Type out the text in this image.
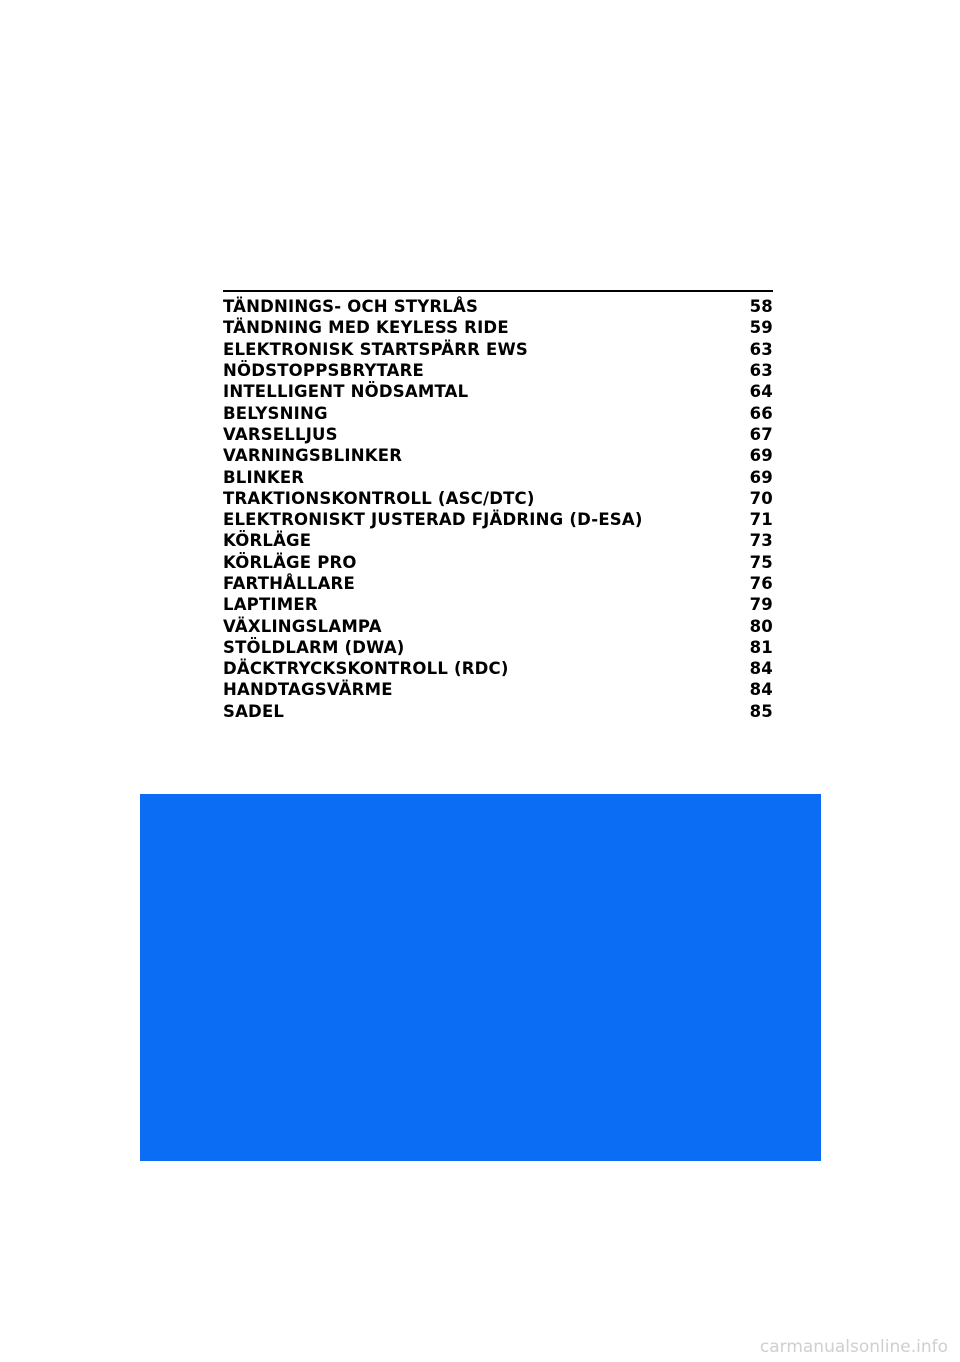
TÄNDNINGS- OCH STYRLÅS	58
TÄNDNING MED KEYLESS RIDE	59
ELEKTRONISK STARTSPÄRR EWS	63
NÖDSTOPPSBRYTARE	63
INTELLIGENT NÖDSAMTAL	64
BELYSNING	66
VARSELLJUS	67
VARNINGSBLINKER	69
BLINKER	69
TRAKTIONSKONTROLL (ASC/DTC)	70
ELEKTRONISKT JUSTERAD FJÄDRING (D-ESA)	71
KÖRLÄGE	73
KÖRLÄGE PRO	75
FARTHÅLLARE	76
LAPTIMER	79
VÄXLINGSLAMPA	80
STÖLDLARM (DWA)	81
DÄCKTRYCKSKONTROLL (RDC)	84
HANDTAGSVÄRME	84
SADEL	85
carmanualsonline.info
